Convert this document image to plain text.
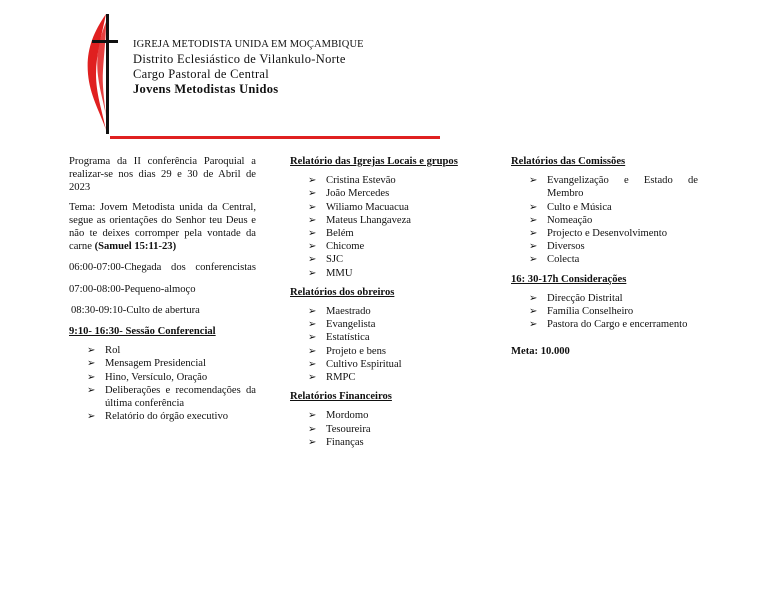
IGREJA METODISTA UNIDA EM MOÇAMBIQUE
Distrito Eclesiástico de Vilankulo-Norte
Cargo Pastoral de Central
Jovens Metodistas Unidos

Programa da II conferência Paroquial a realizar-se nos dias 29 e 30 de Abril de 2023

Tema: Jovem Metodista unida da Central, segue as orientações do Senhor teu Deus e não te deixes corromper pela vontade da carne (Samuel 15:11-23)

06:00-07:00-Chegada dos conferencistas

07:00-08:00-Pequeno-almoço

08:30-09:10-Culto de abertura

9:10- 16:30- Sessão Conferencial
➢ Rol
➢ Mensagem Presidencial
➢ Hino, Versículo, Oração
➢ Deliberações e recomendações da última conferência
➢ Relatório do órgão executivo
Relatório das Igrejas Locais e grupos
➢ Cristina Estevão
➢ João Mercedes
➢ Wiliamo Macuacua
➢ Mateus Lhangaveza
➢ Belém
➢ Chicome
➢ SJC
➢ MMU
Relatórios dos obreiros
➢ Maestrado
➢ Evangelista
➢ Estatística
➢ Projeto e bens
➢ Cultivo Espiritual
➢ RMPC
Relatórios Financeiros
➢ Mordomo
➢ Tesoureira
➢ Finanças
Relatórios das Comissões
➢ Evangelização e Estado de Membro
➢ Culto e Música
➢ Nomeação
➢ Projecto e Desenvolvimento
➢ Diversos
➢ Colecta
16: 30-17h Considerações
➢ Direcção Distrital
➢ Família Conselheiro
➢ Pastora do Cargo e encerramento
Meta: 10.000
